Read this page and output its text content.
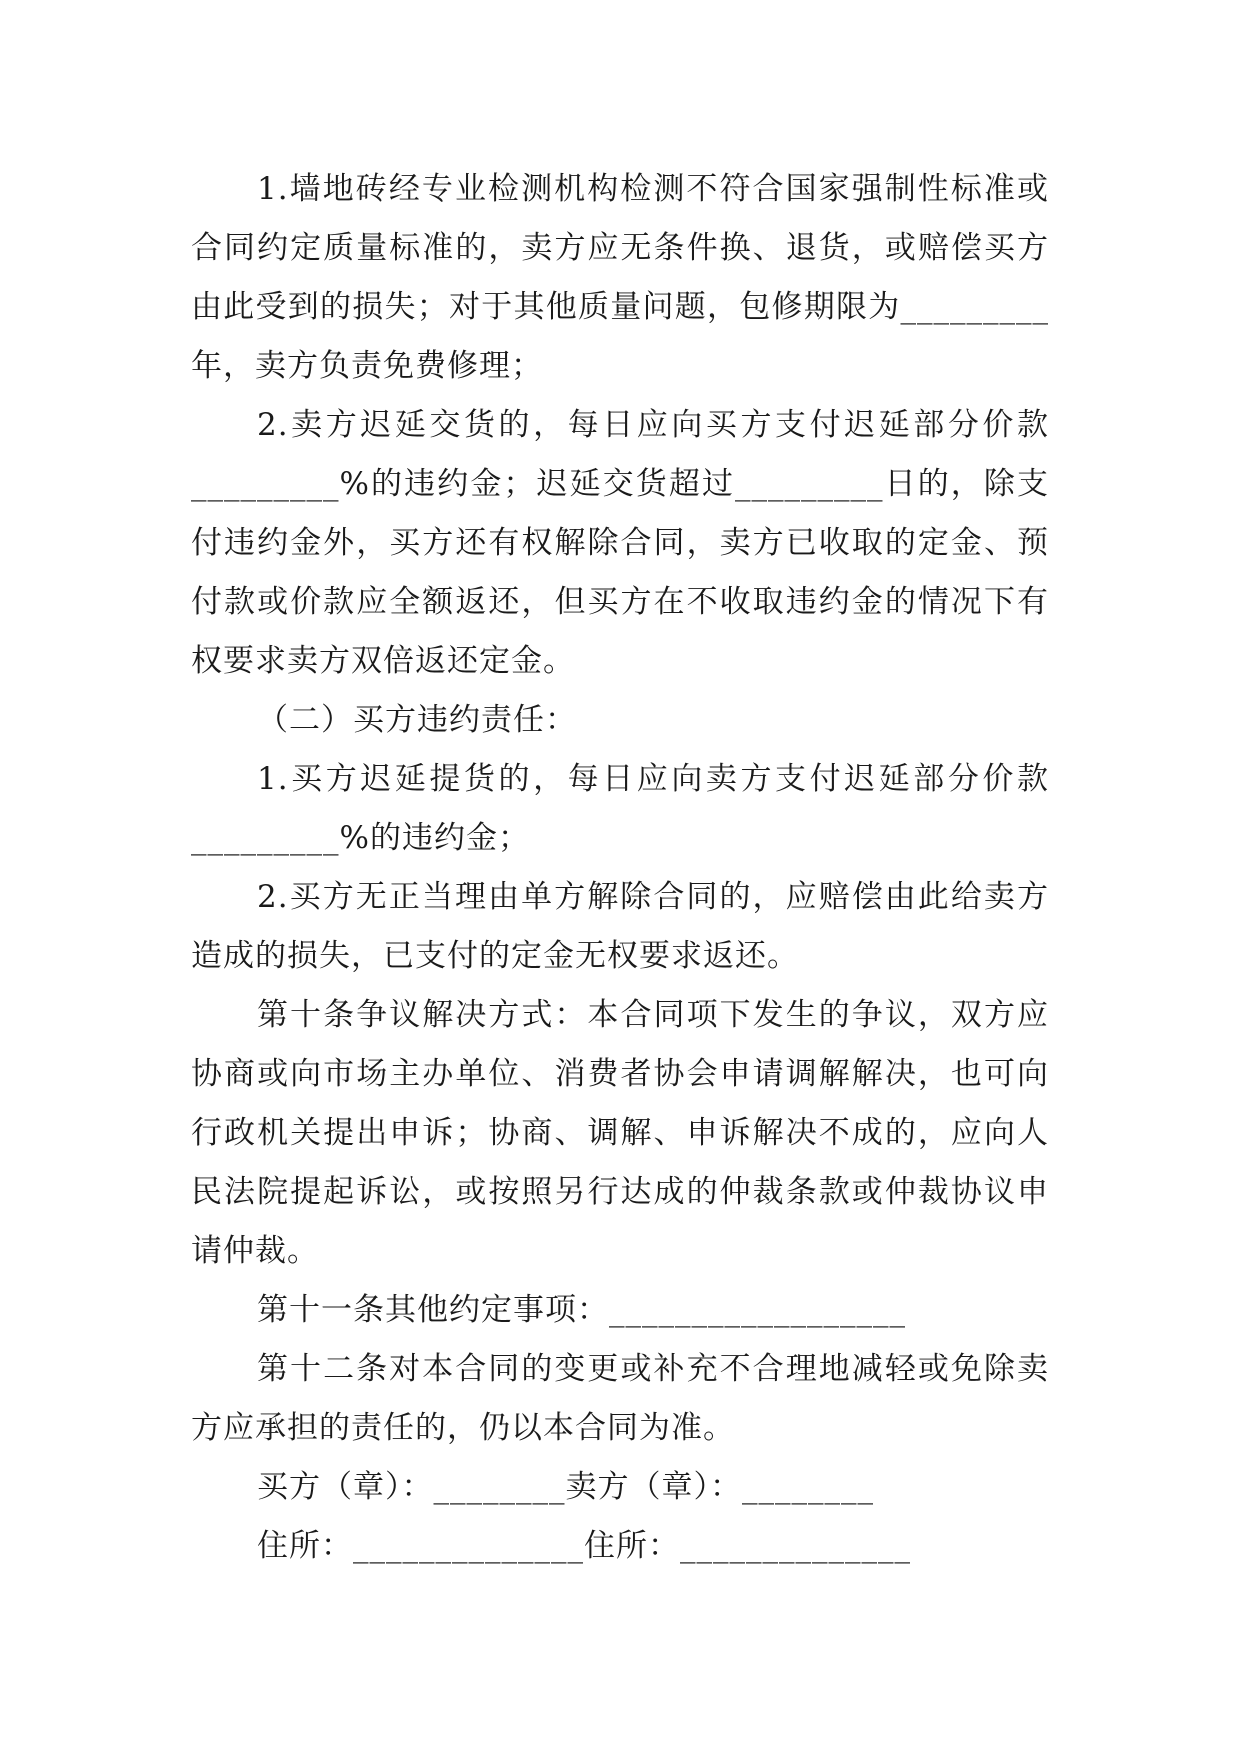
1.墙地砖经专业检测机构检测不符合国家强制性标准或合同约定质量标准的，卖方应无条件换、退货，或赔偿买方由此受到的损失；对于其他质量问题，包修期限为_________年，卖方负责免费修理；

2.卖方迟延交货的，每日应向买方支付迟延部分价款_________%的违约金；迟延交货超过_________日的，除支付违约金外，买方还有权解除合同，卖方已收取的定金、预付款或价款应全额返还，但买方在不收取违约金的情况下有权要求卖方双倍返还定金。

（二）买方违约责任：

1.买方迟延提货的，每日应向卖方支付迟延部分价款_________%的违约金；

2.买方无正当理由单方解除合同的，应赔偿由此给卖方造成的损失，已支付的定金无权要求返还。

第十条争议解决方式：本合同项下发生的争议，双方应协商或向市场主办单位、消费者协会申请调解解决，也可向行政机关提出申诉；协商、调解、申诉解决不成的，应向人民法院提起诉讼，或按照另行达成的仲裁条款或仲裁协议申请仲裁。

第十一条其他约定事项：__________________

第十二条对本合同的变更或补充不合理地减轻或免除卖方应承担的责任的，仍以本合同为准。

买方（章）：________卖方（章）：________

住所：______________住所：______________
